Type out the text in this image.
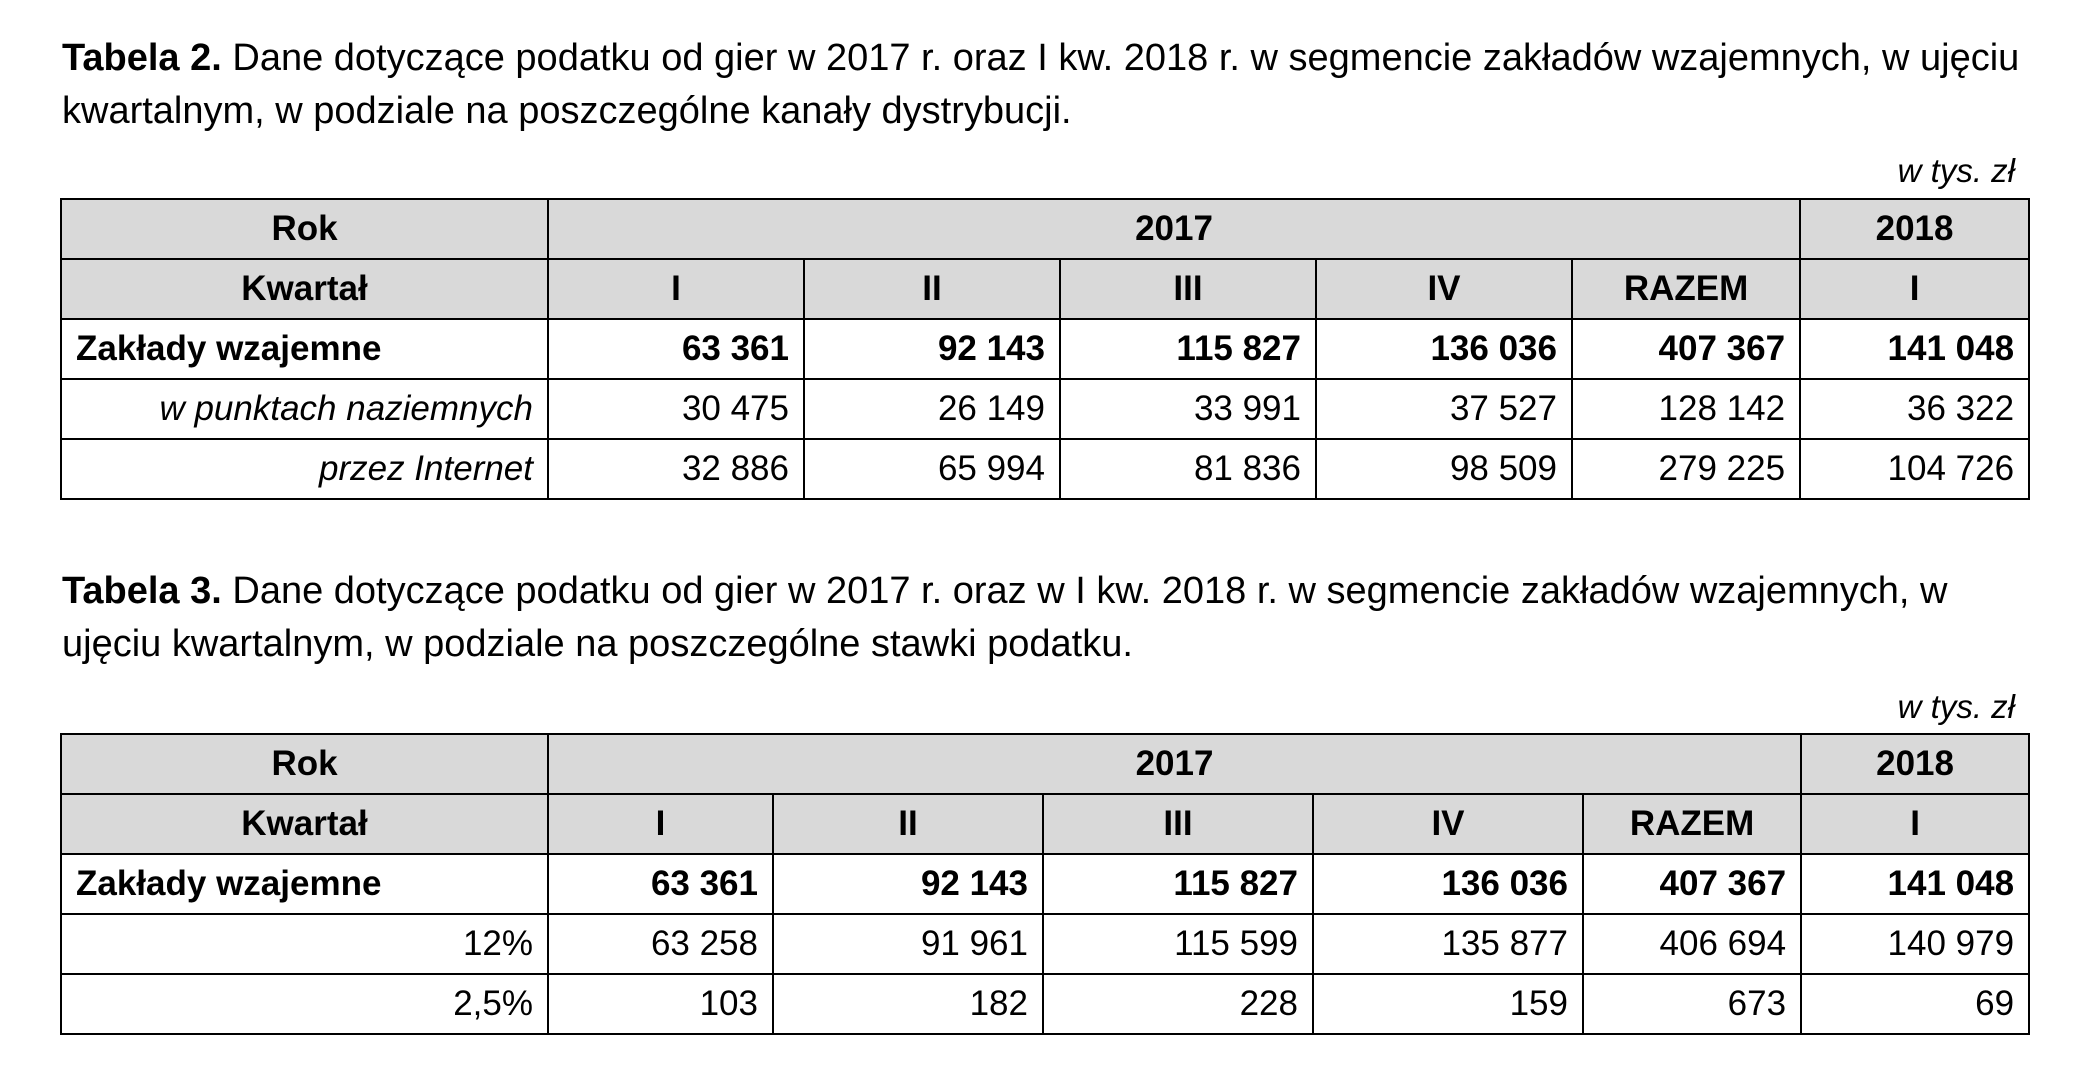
Tabela 2. Dane dotyczące podatku od gier w 2017 r. oraz I kw. 2018 r. w segmencie zakładów wzajemnych, w ujęciu kwartalnym, w podziale na poszczególne kanały dystrybucji.
w tys. zł
Rok	2017					2018
Kwartał	I	II	III	IV	RAZEM	I
Zakłady wzajemne	63 361	92 143	115 827	136 036	407 367	141 048
w punktach naziemnych	30 475	26 149	33 991	37 527	128 142	36 322
przez Internet	32 886	65 994	81 836	98 509	279 225	104 726
Tabela 3. Dane dotyczące podatku od gier w 2017 r. oraz w I kw. 2018 r. w segmencie zakładów wzajemnych, w ujęciu kwartalnym, w podziale na poszczególne stawki podatku.
w tys. zł
Rok	2017					2018
Kwartał	I	II	III	IV	RAZEM	I
Zakłady wzajemne	63 361	92 143	115 827	136 036	407 367	141 048
12%	63 258	91 961	115 599	135 877	406 694	140 979
2,5%	103	182	228	159	673	69
